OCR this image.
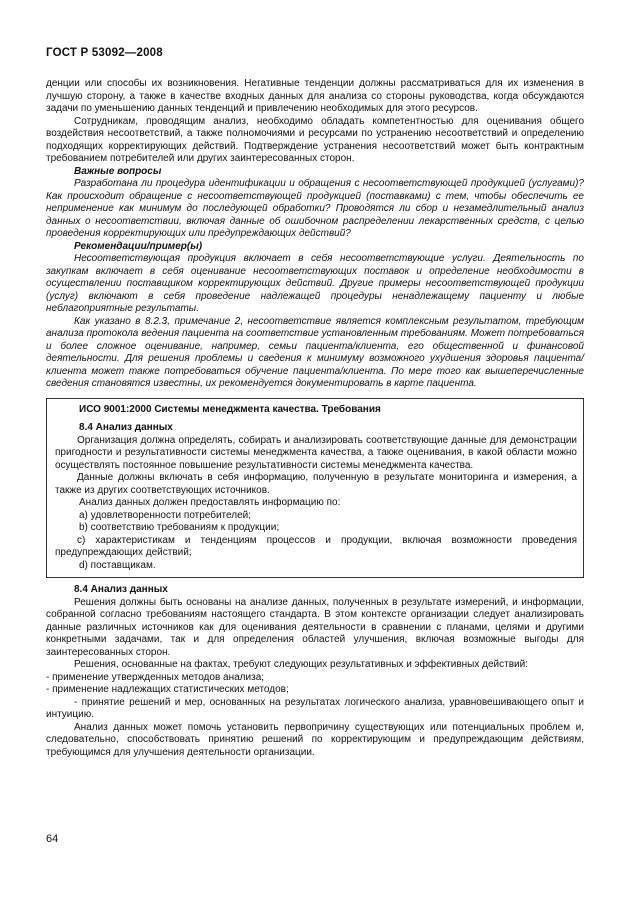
ГОСТ Р 53092—2008

денции или способы их возникновения. Негативные тенденции должны рассматриваться для их изменения в лучшую сторону, а также в качестве входных данных для анализа со стороны руководства, когда обсуждаются задачи по уменьшению данных тенденций и привлечению необходимых для этого ресурсов.

Сотрудникам, проводящим анализ, необходимо обладать компетентностью для оценивания общего воздействия несоответствий, а также полномочиями и ресурсами по устранению несоответствий и определению подходящих корректирующих действий. Подтверждение устранения несоответствий может быть контрактным требованием потребителей или других заинтересованных сторон.

Важные вопросы

Разработана ли процедура идентификации и обращения с несоответствующей продукцией (услугами)? Как происходит обращение с несоответствующей продукцией (поставками) с тем, чтобы обеспечить ее неприменение как минимум до последующей обработки? Проводятся ли сбор и незамедлительный анализ данных о несоответствии, включая данные об ошибочном распределении лекарственных средств, с целью проведения корректирующих или предупреждающих действий?

Рекомендации/пример(ы)

Несоответствующая продукция включает в себя несоответствующие услуги. Деятельность по закупкам включает в себя оценивание несоответствующих поставок и определение необходимости в осуществлении поставщиком корректирующих действий. Другие примеры несоответствующей продукции (услуг) включают в себя проведение надлежащей процедуры ненадлежащему пациенту и любые неблагоприятные результаты.

Как указано в 8.2.3, примечание 2, несоответствие является комплексным результатом, требующим анализа протокола ведения пациента на соответствие установленным требованиям. Может потребоваться и более сложное оценивание, например, семьи пациента/клиента, его общественной и финансовой деятельности. Для решения проблемы и сведения к минимуму возможного ухудшения здоровья пациента/клиента может также потребоваться обучение пациента/клиента. По мере того как вышеперечисленные сведения становятся известны, их рекомендуется документировать в карте пациента.

ИСО 9001:2000 Системы менеджмента качества. Требования

8.4 Анализ данных

Организация должна определять, собирать и анализировать соответствующие данные для демонстрации пригодности и результативности системы менеджмента качества, а также оценивания, в какой области можно осуществлять постоянное повышение результативности системы менеджмента качества.

Данные должны включать в себя информацию, полученную в результате мониторинга и измерения, а также из других соответствующих источников.

Анализ данных должен предоставлять информацию по:

a) удовлетворенности потребителей;

b) соответствию требованиям к продукции;

c) характеристикам и тенденциям процессов и продукции, включая возможности проведения предупреждающих действий;

d) поставщикам.

8.4 Анализ данных

Решения должны быть основаны на анализе данных, полученных в результате измерений, и информации, собранной согласно требованиям настоящего стандарта. В этом контексте организации следует анализировать данные различных источников как для оценивания деятельности в сравнении с планами, целями и другими конкретными задачами, так и для определения областей улучшения, включая возможные выгоды для заинтересованных сторон.

Решения, основанные на фактах, требуют следующих результативных и эффективных действий:

- применение утвержденных методов анализа;

- применение надлежащих статистических методов;

- принятие решений и мер, основанных на результатах логического анализа, уравновешивающего опыт и интуицию.

Анализ данных может помочь установить первопричину существующих или потенциальных проблем и, следовательно, способствовать принятию решений по корректирующим и предупреждающим действиям, требующимся для улучшения деятельности организации.

64
